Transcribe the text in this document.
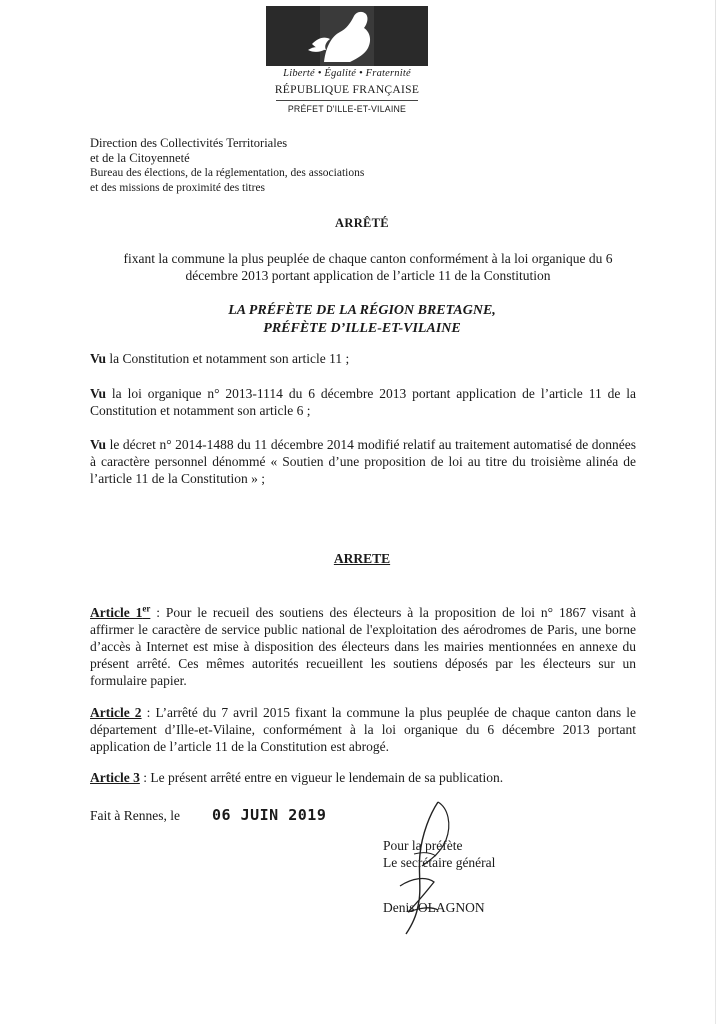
Liberté • Égalité • Fraternité
RÉPUBLIQUE FRANÇAISE
PRÉFET D'ILLE-ET-VILAINE
Direction des Collectivités Territoriales
et de la Citoyenneté
Bureau des élections, de la réglementation, des associations
et des missions de proximité des titres
ARRÊTÉ
fixant la commune la plus peuplée de chaque canton conformément à la loi organique du 6
décembre 2013 portant application de l’article 11 de la Constitution
LA PRÉFÈTE DE LA RÉGION BRETAGNE,
PRÉFÈTE D’ILLE-ET-VILAINE
Vu la Constitution et notamment son article 11 ;
Vu la loi organique n° 2013-1114 du 6 décembre 2013 portant application de l’article 11 de la Constitution et notamment son article 6 ;
Vu le décret n° 2014-1488 du 11 décembre 2014 modifié relatif au traitement automatisé de données à caractère personnel dénommé « Soutien d’une proposition de loi au titre du troisième alinéa de l’article 11 de la Constitution » ;
ARRETE
Article 1er : Pour le recueil des soutiens des électeurs à la proposition de loi n° 1867 visant à affirmer le caractère de service public national de l'exploitation des aérodromes de Paris, une borne d’accès à Internet est mise à disposition des électeurs dans les mairies mentionnées en annexe du présent arrêté. Ces mêmes autorités recueillent les soutiens déposés par les électeurs sur un formulaire papier.
Article 2 : L’arrêté du 7 avril 2015 fixant la commune la plus peuplée de chaque canton dans le département d’Ille-et-Vilaine, conformément à la loi organique du 6 décembre 2013 portant application de l’article 11 de la Constitution est abrogé.
Article 3 : Le présent arrêté entre en vigueur le lendemain de sa publication.
Fait à Rennes, le 06 JUIN 2019
Pour la préfète
Le secrétaire général
Denis OLAGNON
